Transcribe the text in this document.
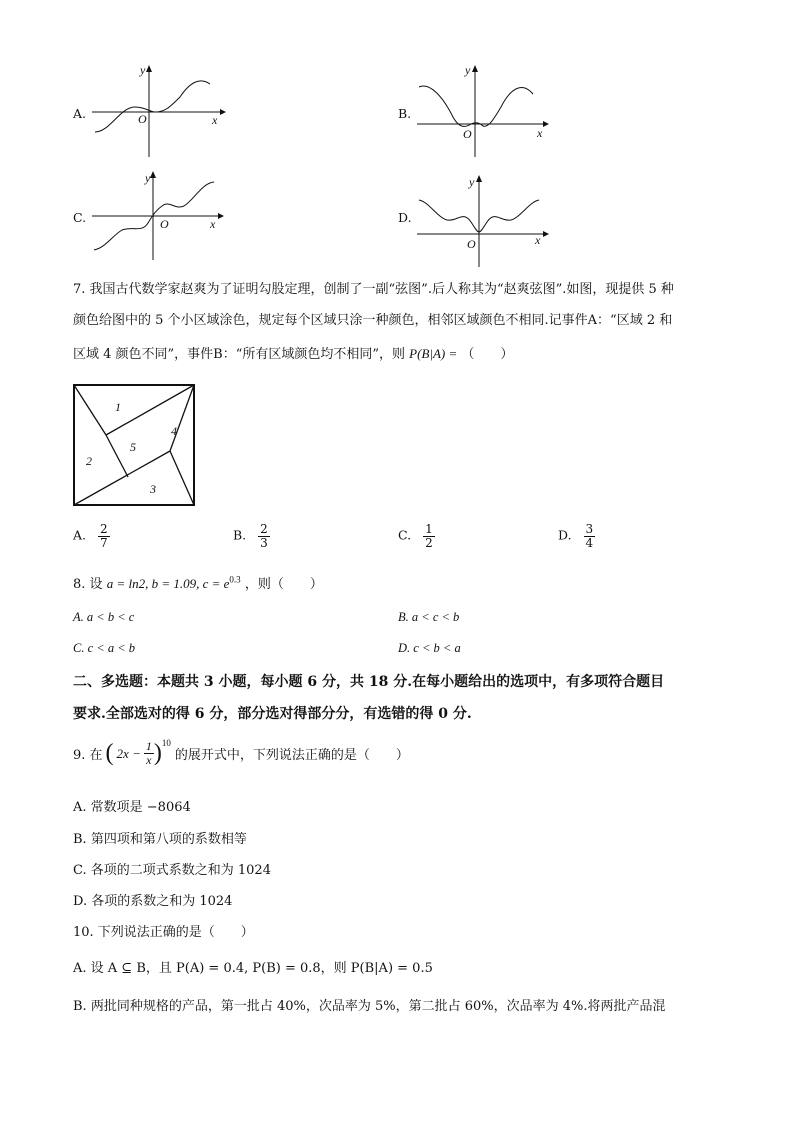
A.
y
x
O	B.
y
x
O
C.
y
x
O	D.
y
x
O
7. 我国古代数学家赵爽为了证明勾股定理，创制了一副“弦图”.后人称其为“赵爽弦图”.如图，现提供 5 种
颜色给图中的 5 个小区域涂色，规定每个区域只涂一种颜色，相邻区域颜色不相同.记事件A：“区域 2 和
区域 4 颜色不同”，事件B：“所有区域颜色均不相同”，则 P(B|A) = （　　）
1
2
3
4
5
A. $\frac{2}{7}$	B. $\frac{2}{3}$	C. $\frac{1}{2}$	D. $\frac{3}{4}$
8. 设 a = ln2, b = 1.09, $c = e^{0.3}$ ，则（　　）
A. a < b < c	B. a < c < b
C. c < a < b	D. c < b < a
二、多选题：本题共 3 小题，每小题 6 分，共 18 分.在每小题给出的选项中，有多项符合题目
要求.全部选对的得 6 分，部分选对得部分分，有选错的得 0 分.
9. 在 ( $2x - \frac{1}{x} )^{10}$
的展开式中，下列说法正确的是（　　）
A. 常数项是 −8064
B. 第四项和第八项的系数相等
C. 各项的二项式系数之和为 1024
D. 各项的系数之和为 1024
10. 下列说法正确的是（　　）
A. 设 A ⊆ B，且 P(A) = 0.4, P(B) = 0.8，则 P(B|A) = 0.5
B. 两批同种规格的产品，第一批占 40%，次品率为 5%，第二批占 60%，次品率为 4%.将两批产品混
